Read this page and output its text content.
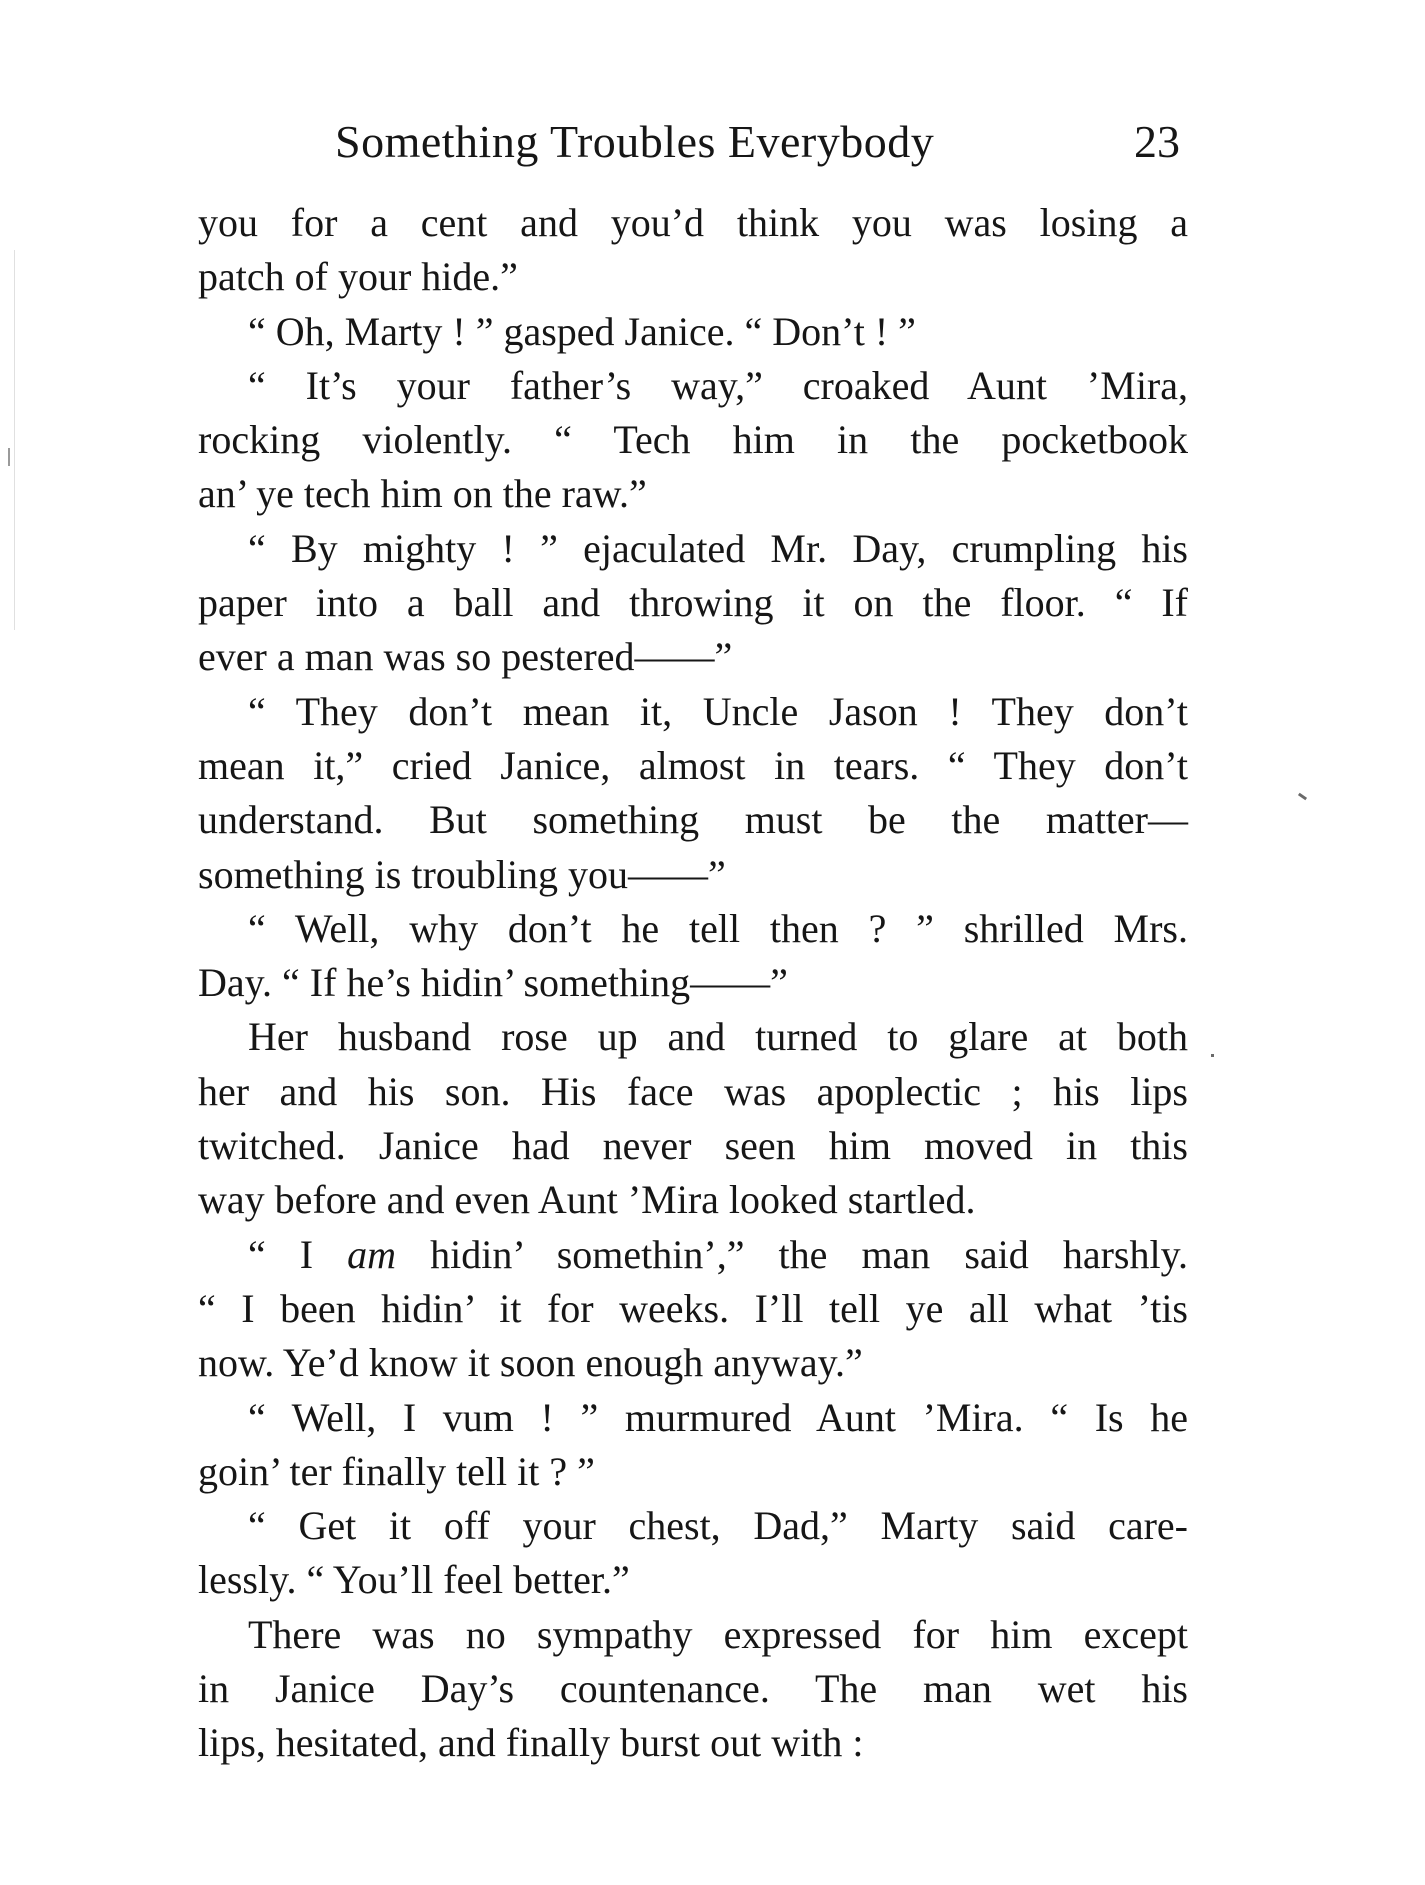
Something Troubles Everybody	23
you for a cent and you’d think you was losing a
patch of your hide.”
“ Oh, Marty ! ” gasped Janice. “ Don’t ! ”
“ It’s your father’s way,” croaked Aunt ’Mira,
rocking violently. “ Tech him in the pocketbook
an’ ye tech him on the raw.”
“ By mighty ! ” ejaculated Mr. Day, crumpling his
paper into a ball and throwing it on the floor. “ If
ever a man was so pestered——”
“ They don’t mean it, Uncle Jason ! They don’t
mean it,” cried Janice, almost in tears. “ They don’t
understand. But something must be the matter—
something is troubling you——”
“ Well, why don’t he tell then ? ” shrilled Mrs.
Day. “ If he’s hidin’ something——”
Her husband rose up and turned to glare at both
her and his son. His face was apoplectic ; his lips
twitched. Janice had never seen him moved in this
way before and even Aunt ’Mira looked startled.
“ I am hidin’ somethin’,” the man said harshly.
“ I been hidin’ it for weeks. I’ll tell ye all what ’tis
now. Ye’d know it soon enough anyway.”
“ Well, I vum ! ” murmured Aunt ’Mira. “ Is he
goin’ ter finally tell it ? ”
“ Get it off your chest, Dad,” Marty said care-
lessly. “ You’ll feel better.”
There was no sympathy expressed for him except
in Janice Day’s countenance. The man wet his
lips, hesitated, and finally burst out with :
